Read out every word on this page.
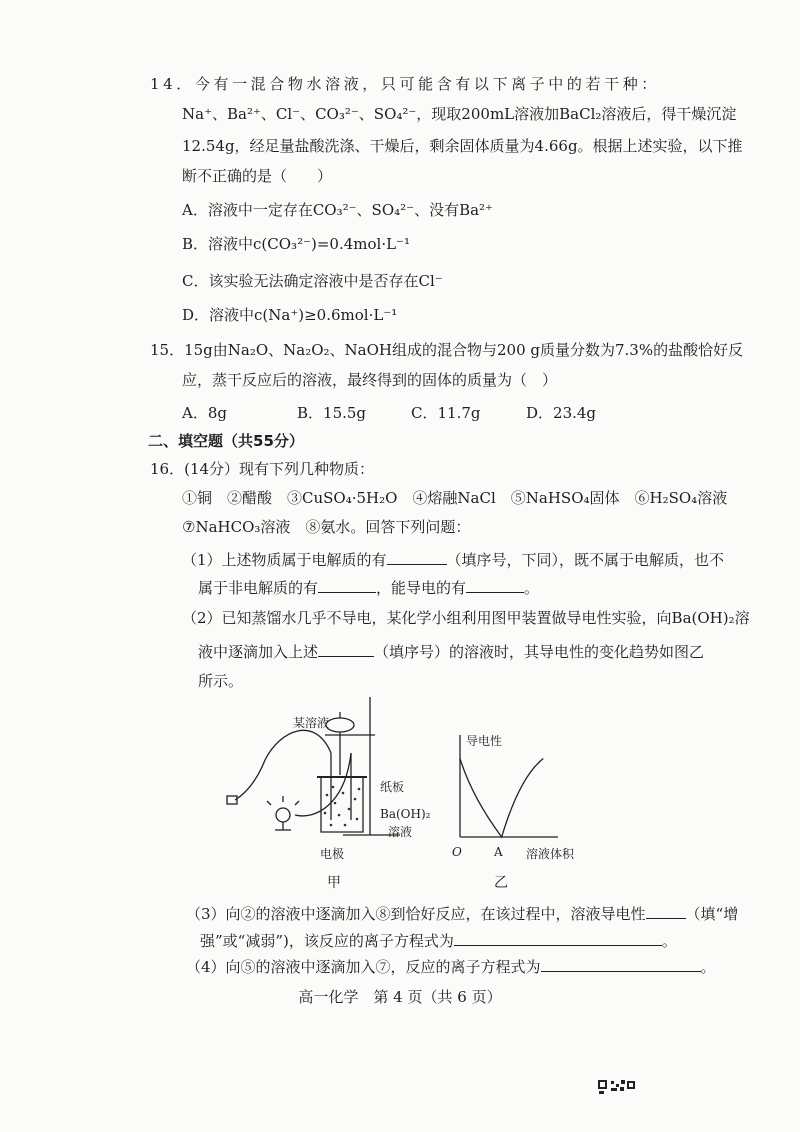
14．今有一混合物水溶液，只可能含有以下离子中的若干种：
Na⁺、Ba²⁺、Cl⁻、CO₃²⁻、SO₄²⁻，现取200mL溶液加BaCl₂溶液后，得干燥沉淀
12.54g，经足量盐酸洗涤、干燥后，剩余固体质量为4.66g。根据上述实验，以下推
断不正确的是（　　）
A．溶液中一定存在CO₃²⁻、SO₄²⁻、没有Ba²⁺
B．溶液中c(CO₃²⁻)=0.4mol·L⁻¹
C．该实验无法确定溶液中是否存在Cl⁻
D．溶液中c(Na⁺)≥0.6mol·L⁻¹
15．15g由Na₂O、Na₂O₂、NaOH组成的混合物与200 g质量分数为7.3%的盐酸恰好反
应，蒸干反应后的溶液，最终得到的固体的质量为（　）
A．8g	B．15.5g	C．11.7g	D．23.4g
二、填空题（共55分）
16．(14分）现有下列几种物质：
①铜　②醋酸　③CuSO₄·5H₂O　④熔融NaCl　⑤NaHSO₄固体　⑥H₂SO₄溶液
⑦NaHCO₃溶液　⑧氨水。回答下列问题：
（1）上述物质属于电解质的有	（填序号，下同），既不属于电解质，也不
属于非电解质的有	，能导电的有	。
（2）已知蒸馏水几乎不导电，某化学小组利用图甲装置做导电性实验，向Ba(OH)₂溶
液中逐滴加入上述	（填序号）的溶液时，其导电性的变化趋势如图乙
所示。
某溶液
纸板
Ba(OH)₂
溶液
电极
甲
导电性
O	A 溶液体积
乙
（3）向②的溶液中逐滴加入⑧到恰好反应，在该过程中，溶液导电性	（填“增
强”或“减弱”)，该反应的离子方程式为	。
（4）向⑤的溶液中逐滴加入⑦，反应的离子方程式为	。
高一化学　第 4 页（共 6 页）
